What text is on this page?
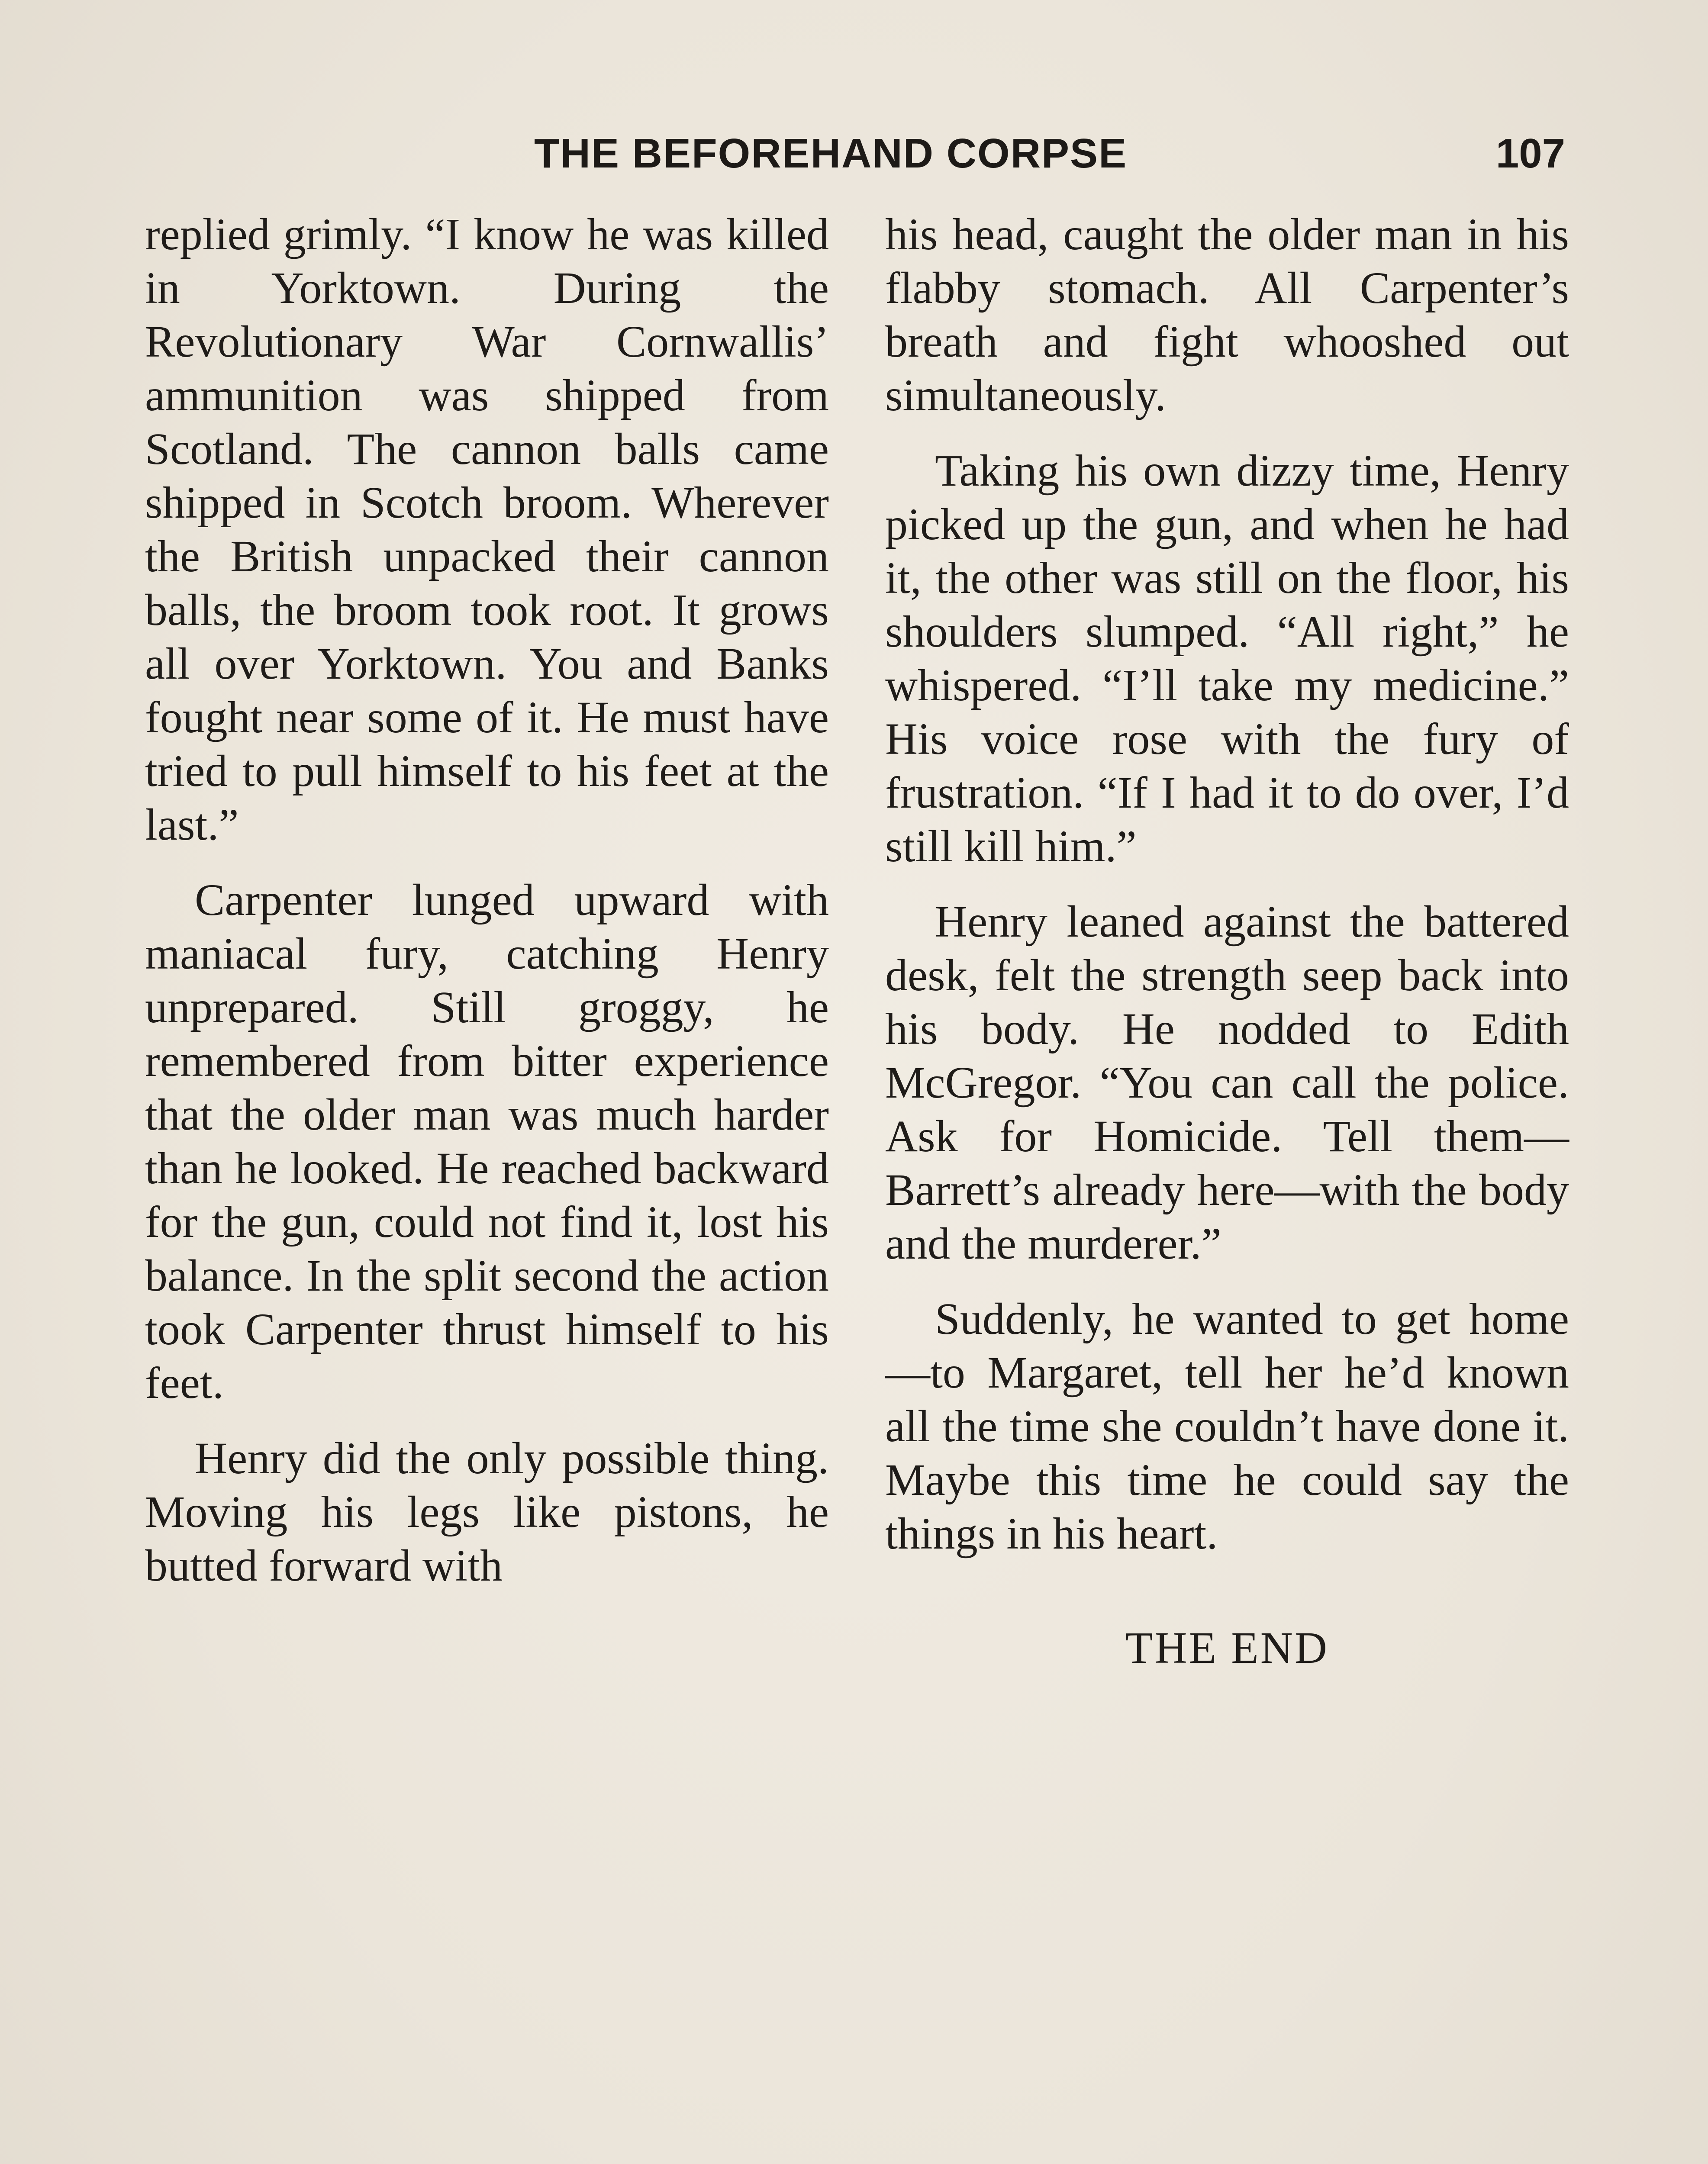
THE BEFOREHAND CORPSE	107

replied grimly. “I know he was killed in Yorktown. During the Revolutionary War Cornwallis’ ammunition was shipped from Scotland. The cannon balls came shipped in Scotch broom. Wherever the British unpacked their cannon balls, the broom took root. It grows all over Yorktown. You and Banks fought near some of it. He must have tried to pull himself to his feet at the last.”

Carpenter lunged upward with maniacal fury, catching Henry unprepared. Still groggy, he remembered from bitter experience that the older man was much harder than he looked. He reached backward for the gun, could not find it, lost his balance. In the split second the action took Carpenter thrust himself to his feet.

Henry did the only possible thing. Moving his legs like pistons, he butted forward with

his head, caught the older man in his flabby stomach. All Carpenter’s breath and fight whooshed out simultaneously.

Taking his own dizzy time, Henry picked up the gun, and when he had it, the other was still on the floor, his shoulders slumped. “All right,” he whispered. “I’ll take my medicine.” His voice rose with the fury of frustration. “If I had it to do over, I’d still kill him.”

Henry leaned against the battered desk, felt the strength seep back into his body. He nodded to Edith McGregor. “You can call the police. Ask for Homicide. Tell them— Barrett’s already here—with the body and the murderer.”

Suddenly, he wanted to get home—to Margaret, tell her he’d known all the time she couldn’t have done it. Maybe this time he could say the things in his heart.

THE END
